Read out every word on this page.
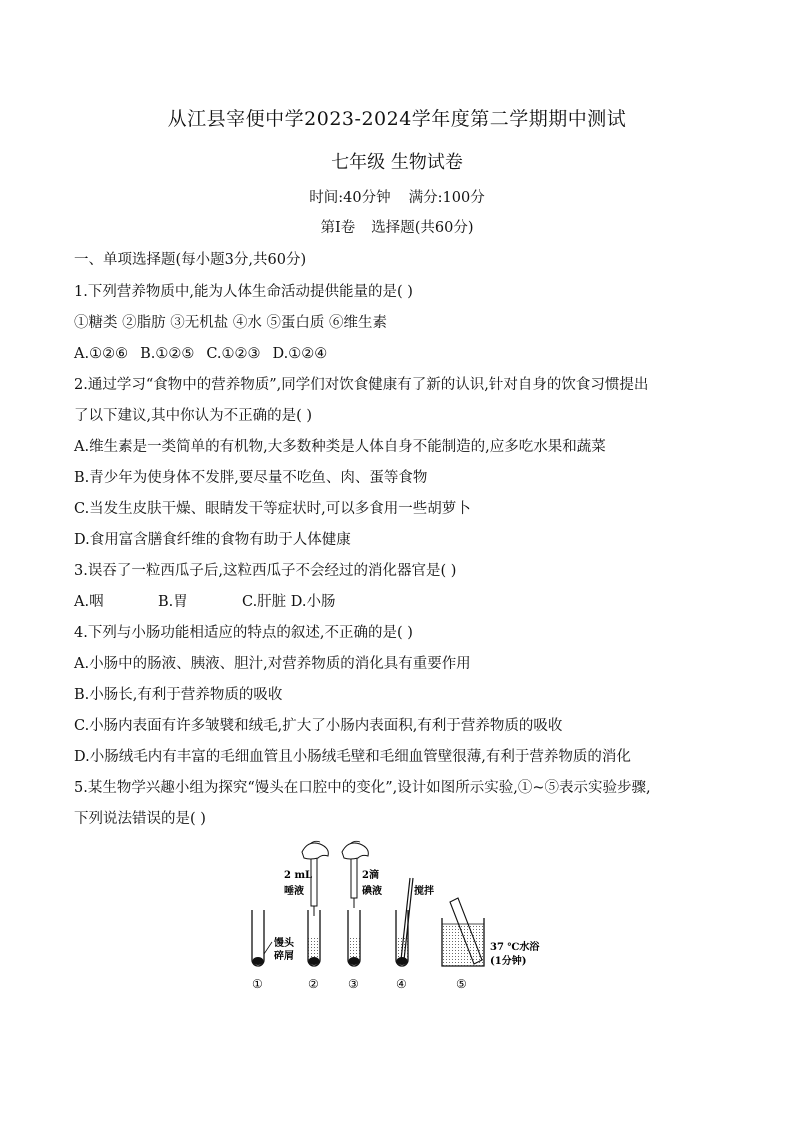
从江县宰便中学2023-2024学年度第二学期期中测试
七年级 生物试卷
时间:40分钟 满分:100分
第Ⅰ卷 选择题(共60分)
一、单项选择题(每小题3分,共60分)
1.下列营养物质中,能为人体生命活动提供能量的是( )
①糖类 ②脂肪 ③无机盐 ④水 ⑤蛋白质 ⑥维生素
A.①②⑥ B.①②⑤ C.①②③ D.①②④
2.通过学习“食物中的营养物质”,同学们对饮食健康有了新的认识,针对自身的饮食习惯提出
了以下建议,其中你认为不正确的是( )
A.维生素是一类简单的有机物,大多数种类是人体自身不能制造的,应多吃水果和蔬菜
B.青少年为使身体不发胖,要尽量不吃鱼、肉、蛋等食物
C.当发生皮肤干燥、眼睛发干等症状时,可以多食用一些胡萝卜
D.食用富含膳食纤维的食物有助于人体健康
3.误吞了一粒西瓜子后,这粒西瓜子不会经过的消化器官是( )
A.咽	B.胃	C.肝脏 D.小肠
4.下列与小肠功能相适应的特点的叙述,不正确的是( )
A.小肠中的肠液、胰液、胆汁,对营养物质的消化具有重要作用
B.小肠长,有利于营养物质的吸收
C.小肠内表面有许多皱襞和绒毛,扩大了小肠内表面积,有利于营养物质的吸收
D.小肠绒毛内有丰富的毛细血管且小肠绒毛壁和毛细血管壁很薄,有利于营养物质的消化
5.某生物学兴趣小组为探究“馒头在口腔中的变化”,设计如图所示实验,①~⑤表示实验步骤,
下列说法错误的是( )
馒头
碎屑
2 mL
唾液
2滴
碘液	搅拌
37 ℃水浴
(1分钟)
①	② ③	④	⑤
